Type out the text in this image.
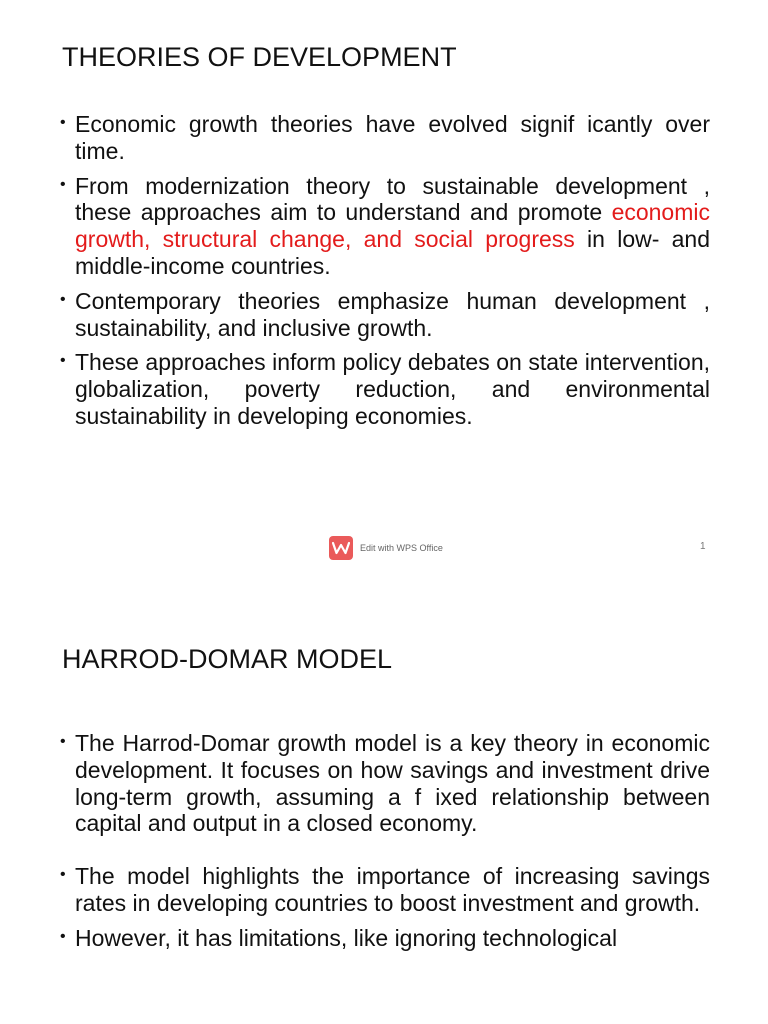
THEORIES OF DEVELOPMENT
• Economic growth theories have evolved signif icantly over time.
• From modernization theory to sustainable development , these approaches aim to understand and promote economic growth, structural change, and social progress in low- and middle-income countries.
• Contemporary theories emphasize human development , sustainability, and inclusive growth.
• These approaches inform policy debates on state intervention, globalization, poverty reduction, and environmental sustainability in developing economies.
Edit with WPS Office	1
HARROD-DOMAR MODEL
• The Harrod-Domar growth model is a key theory in economic development. It focuses on how savings and investment drive long-term growth, assuming a f ixed relationship between capital and output in a closed economy.
• The model highlights the importance of increasing savings rates in developing countries to boost investment and growth.
• However, it has limitations, like ignoring technological
